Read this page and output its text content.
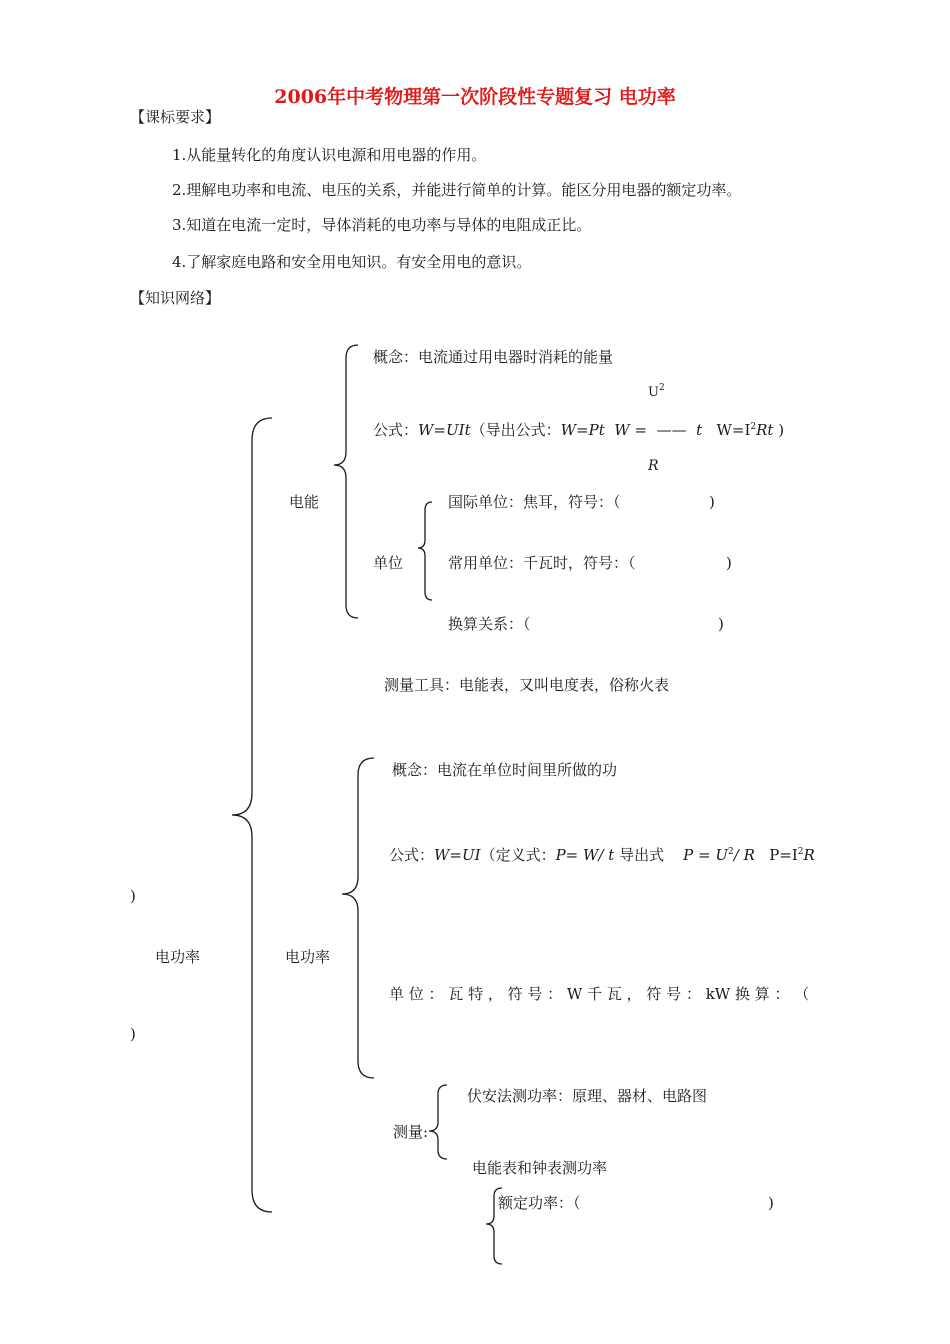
2006年中考物理第一次阶段性专题复习 电功率
【课标要求】
1.从能量转化的角度认识电源和用电器的作用。
2.理解电功率和电流、电压的关系，并能进行简单的计算。能区分用电器的额定功率。
3.知道在电流一定时，导体消耗的电功率与导体的电阻成正比。
4.了解家庭电路和安全用电知识。有安全用电的意识。
【知识网络】
概念：电流通过用电器时消耗的能量
$U^2$
公式：W=UIt（导出公式：W=Pt W = —— t $W=I^2Rt$ )
R
电能	国际单位：焦耳，符号：（	)
单位	常用单位：千瓦时，符号：（	)
换算关系：（	)
测量工具：电能表，又叫电度表，俗称火表
概念：电流在单位时间里所做的功
公式：W=UI（定义式：P= W/ t 导出式 $P = U^2/$ R $P=I^2R$
)
电功率	电功率
单 位 ： 瓦 特 ， 符 号 ： W 千 瓦 ， 符 号 ： kW 换 算 ： （
)
伏安法测功率：原理、器材、电路图
测量:
电能表和钟表测功率
额定功率：（	)
